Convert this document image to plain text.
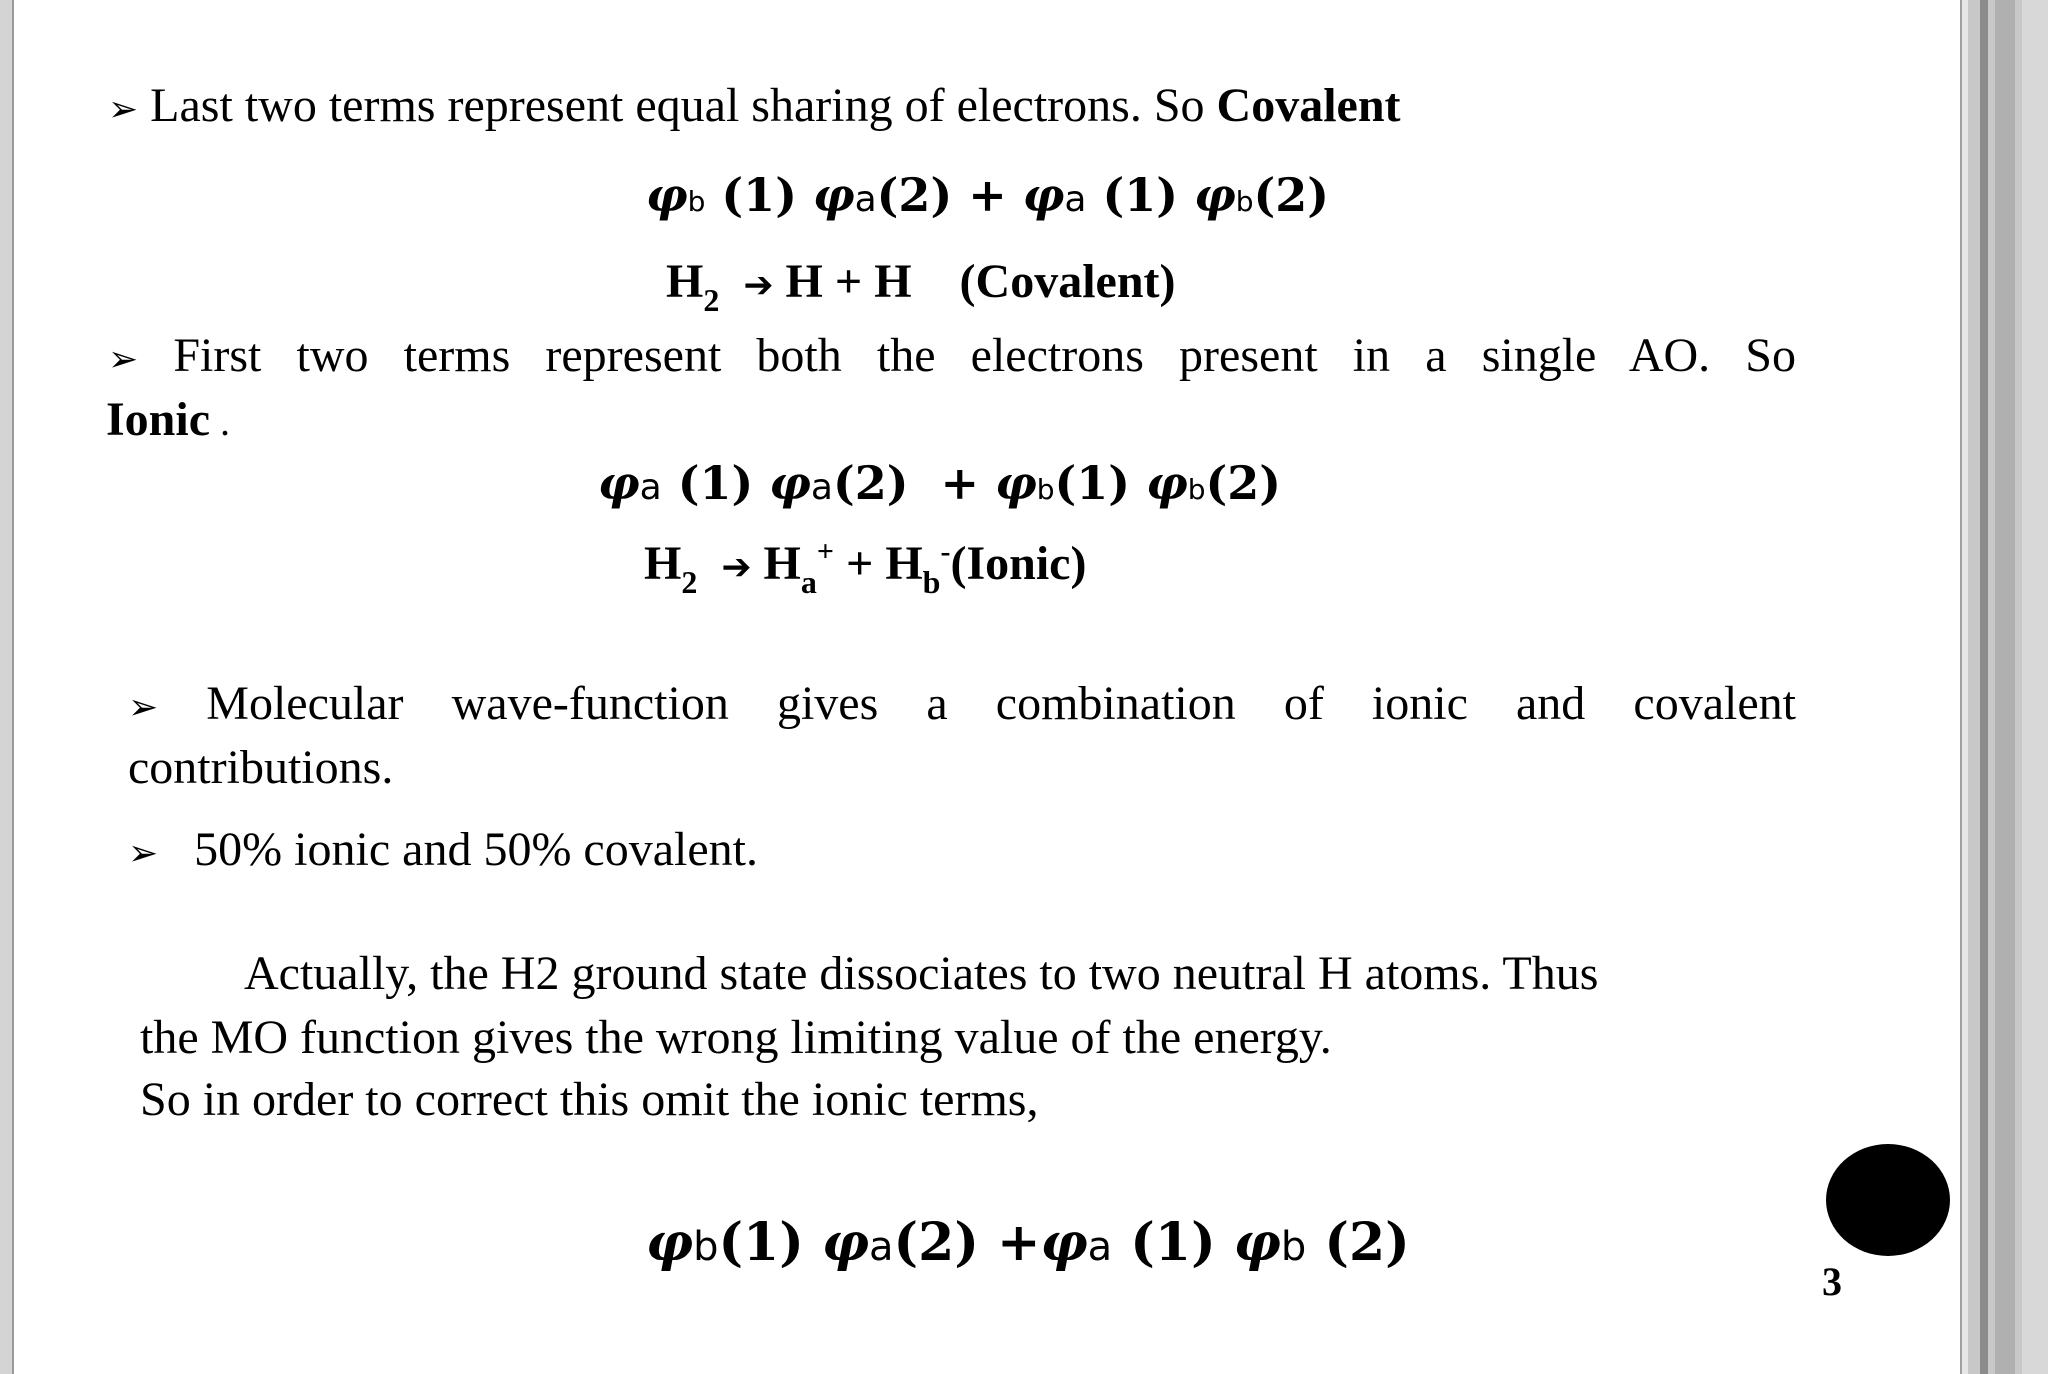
➢ Last two terms represent equal sharing of electrons. So Covalent
φb (1) φa(2) + φa (1) φb(2)
$H_2$ ➔ H + H (Covalent)
➢ First two terms represent both the electrons present in a single AO. So
Ionic .
φa (1) φa(2) + φb(1) φb(2)
$H_2$ ➔ $H_a^+$ + $H_b^-(Ionic)$
➢ Molecular wave-function gives a combination of ionic and covalent
contributions.
➢ 50% ionic and 50% covalent.
Actually, the H2 ground state dissociates to two neutral H atoms. Thus
the MO function gives the wrong limiting value of the energy.
So in order to correct this omit the ionic terms,
φb(1) φa(2) +φa (1) φb (2)
3
